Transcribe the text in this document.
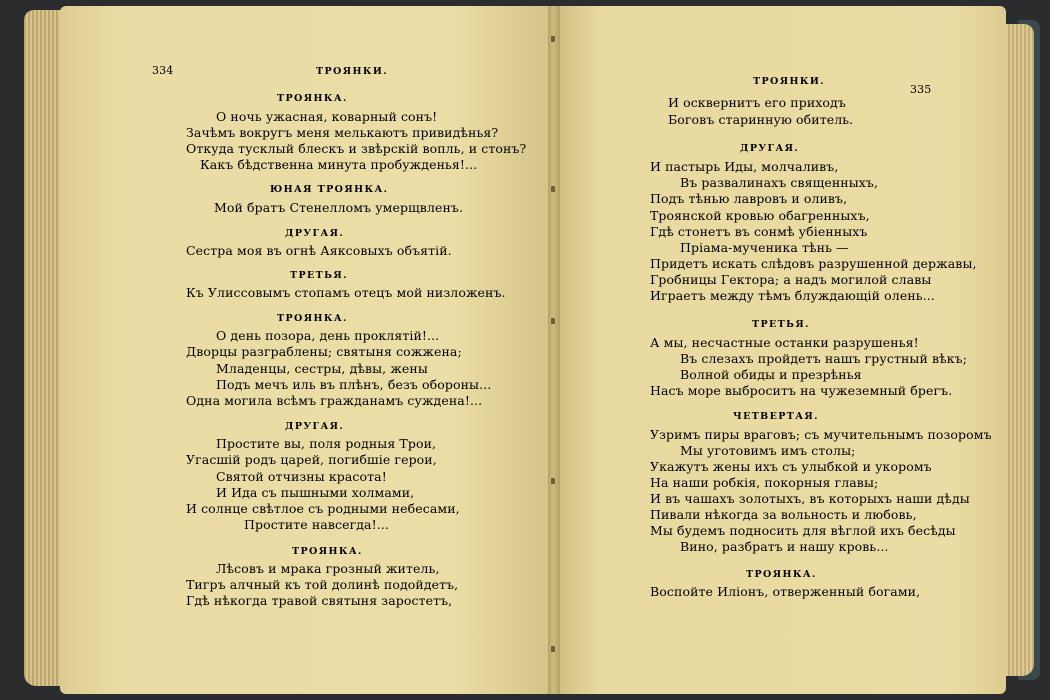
334	ТРОЯНКИ.
ТРОЯНКА.
О ночь ужасная, коварный сонъ!
Зачѣмъ вокругъ меня мелькаютъ привидѣнья?
Откуда тусклый блескъ и звѣрскій вопль, и стонъ?
Какъ бѣдственна минута пробужденья!...
ЮНАЯ ТРОЯНКА.
Мой братъ Стенелломъ умерщвленъ.
ДРУГАЯ.
Сестра моя въ огнѣ Аяксовыхъ объятій.
ТРЕТЬЯ.
Къ Улиссовымъ стопамъ отецъ мой низложенъ.
ТРОЯНКА.
О день позора, день проклятій!...
Дворцы разграблены; святыня сожжена;
Младенцы, сестры, дѣвы, жены
Подъ мечъ иль въ плѣнъ, безъ обороны...
Одна могила всѣмъ гражданамъ суждена!...
ДРУГАЯ.
Простите вы, поля родныя Трои,
Угасшій родъ царей, погибшіе герои,
Святой отчизны красота!
И Ида съ пышными холмами,
И солнце свѣтлое съ родными небесами,
Простите навсегда!...
ТРОЯНКА.
Лѣсовъ и мрака грозный житель,
Тигръ алчный къ той долинѣ подойдетъ,
Гдѣ нѣкогда травой святыня заростетъ,
ТРОЯНКИ.
335
И осквернитъ его приходъ
Боговъ старинную обитель.
ДРУГАЯ.
И пастырь Иды, молчаливъ,
Въ развалинахъ священныхъ,
Подъ тѣнью лавровъ и оливъ,
Троянской кровью обагренныхъ,
Гдѣ стонетъ въ сонмѣ убіенныхъ
Пріама-мученика тѣнь —
Придетъ искать слѣдовъ разрушенной державы,
Гробницы Гектора; а надъ могилой славы
Играетъ между тѣмъ блуждающій олень...
ТРЕТЬЯ.
А мы, несчастные останки разрушенья!
Въ слезахъ пройдетъ нашъ грустный вѣкъ;
Волной обиды и презрѣнья
Насъ море выброситъ на чужеземный брегъ.
ЧЕТВЕРТАЯ.
Узримъ пиры враговъ; съ мучительнымъ позоромъ
Мы уготовимъ имъ столы;
Укажутъ жены ихъ съ улыбкой и укоромъ
На наши робкія, покорныя главы;
И въ чашахъ золотыхъ, въ которыхъ наши дѣды
Пивали нѣкогда за вольность и любовь,
Мы будемъ подносить для вѣглой ихъ бесѣды
Вино, разбратъ и нашу кровь...
ТРОЯНКА.
Воспойте Иліонъ, отверженный богами,
